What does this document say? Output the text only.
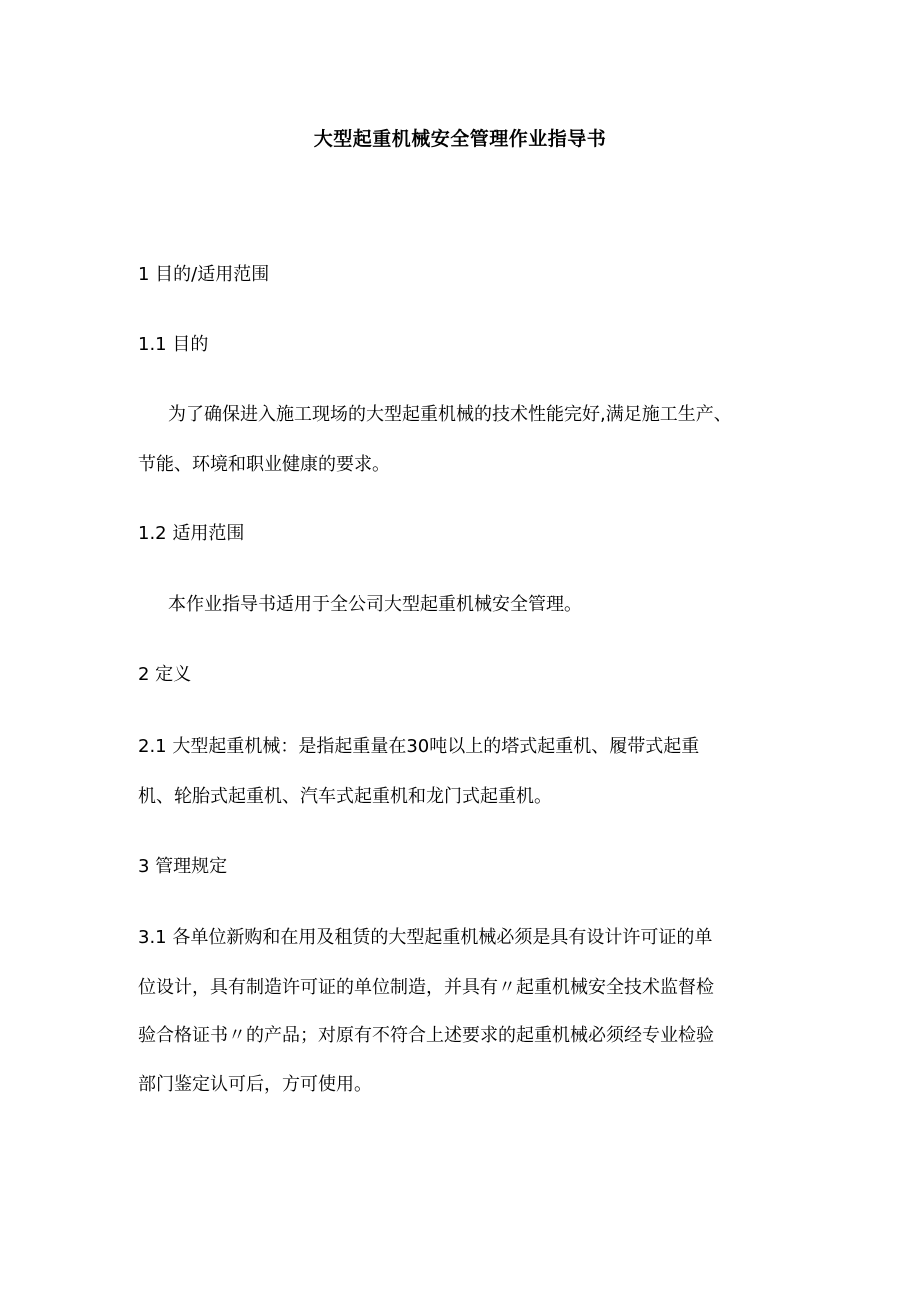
大型起重机械安全管理作业指导书
1 目的/适用范围
1.1 目的
为了确保进入施工现场的大型起重机械的技术性能完好,满足施工生产、
节能、环境和职业健康的要求。
1.2 适用范围
本作业指导书适用于全公司大型起重机械安全管理。
2 定义
2.1 大型起重机械：是指起重量在30吨以上的塔式起重机、履带式起重
机、轮胎式起重机、汽车式起重机和龙门式起重机。
3 管理规定
3.1 各单位新购和在用及租赁的大型起重机械必须是具有设计许可证的单
位设计，具有制造许可证的单位制造，并具有〃起重机械安全技术监督检
验合格证书〃的产品；对原有不符合上述要求的起重机械必须经专业检验
部门鉴定认可后，方可使用。
